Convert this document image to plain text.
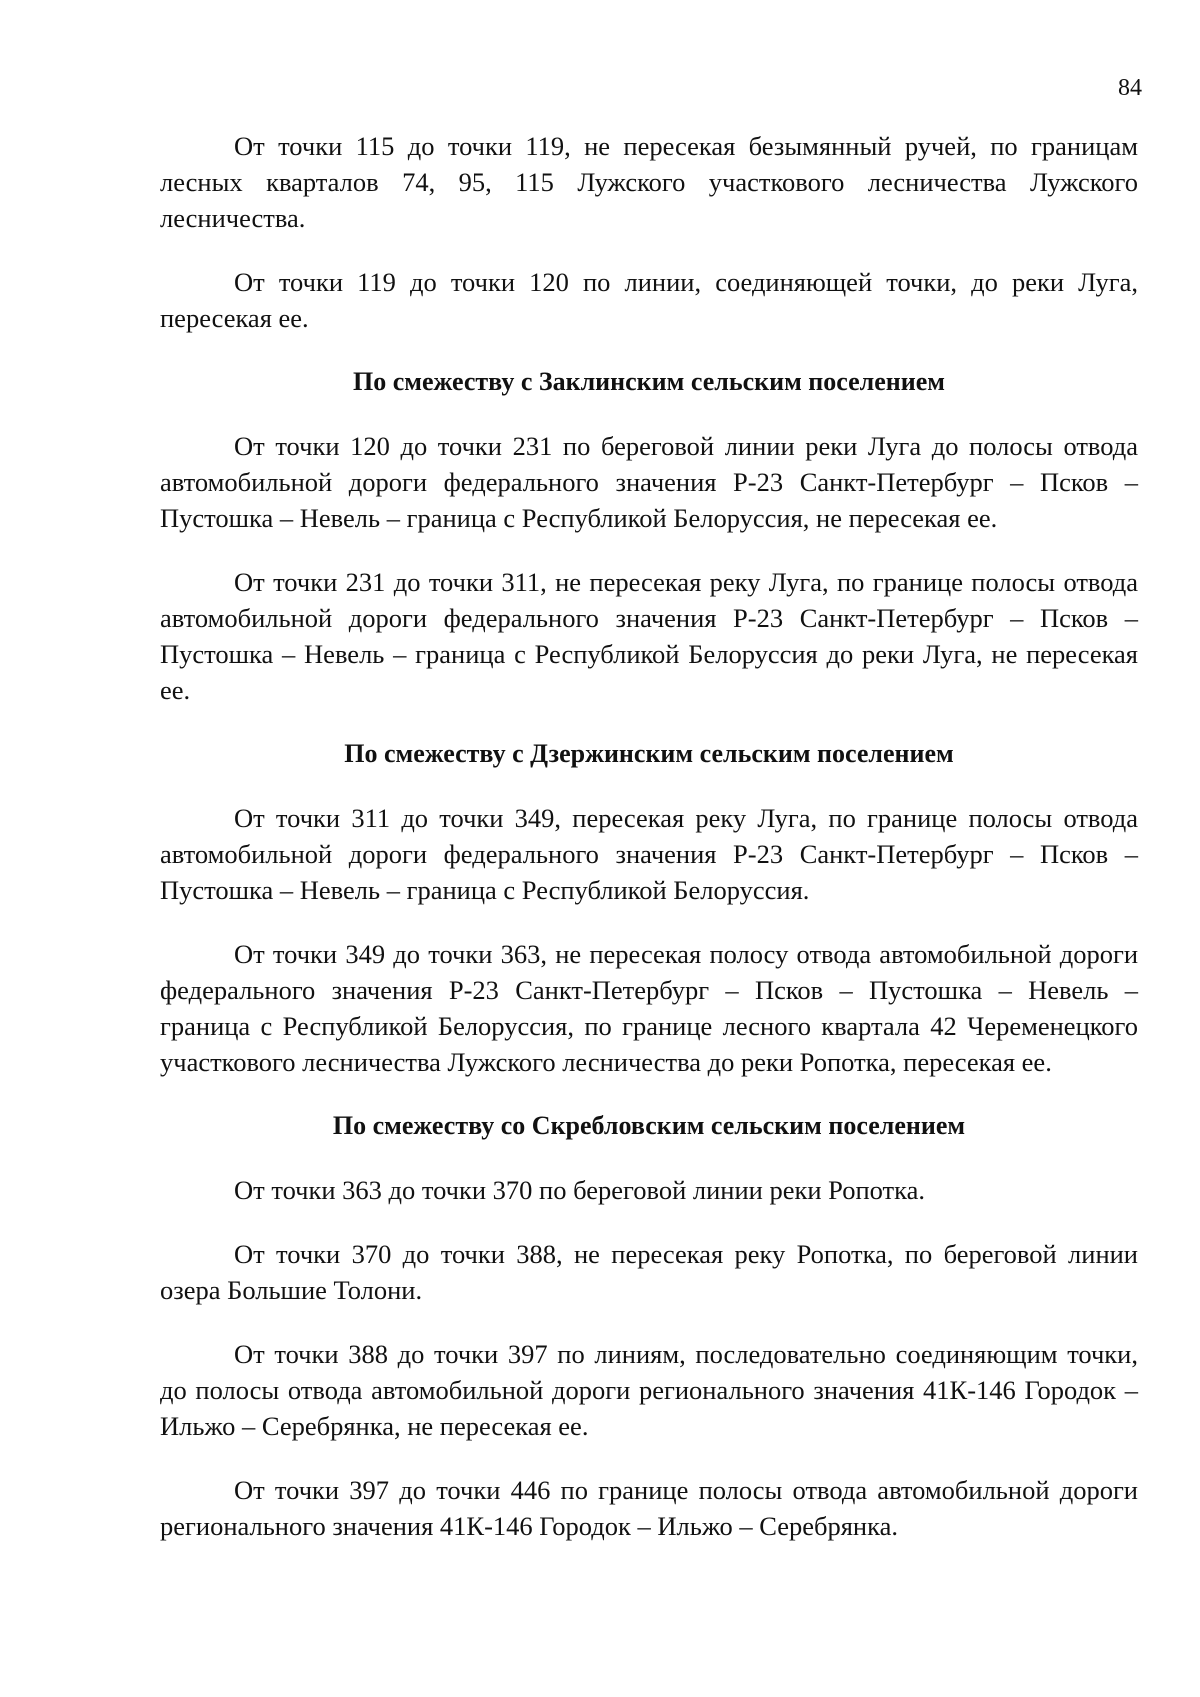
84

От точки 115 до точки 119, не пересекая безымянный ручей, по границам лесных кварталов 74, 95, 115 Лужского участкового лесничества Лужского лесничества.

От точки 119 до точки 120 по линии, соединяющей точки, до реки Луга, пересекая ее.

По смежеству с Заклинским сельским поселением

От точки 120 до точки 231 по береговой линии реки Луга до полосы отвода автомобильной дороги федерального значения Р-23 Санкт-Петербург – Псков – Пустошка – Невель – граница с Республикой Белоруссия, не пересекая ее.

От точки 231 до точки 311, не пересекая реку Луга, по границе полосы отвода автомобильной дороги федерального значения Р-23 Санкт-Петербург – Псков – Пустошка – Невель – граница с Республикой Белоруссия до реки Луга, не пересекая ее.

По смежеству с Дзержинским сельским поселением

От точки 311 до точки 349, пересекая реку Луга, по границе полосы отвода автомобильной дороги федерального значения Р-23 Санкт-Петербург – Псков – Пустошка – Невель – граница с Республикой Белоруссия.

От точки 349 до точки 363, не пересекая полосу отвода автомобильной дороги федерального значения Р-23 Санкт-Петербург – Псков – Пустошка – Невель – граница с Республикой Белоруссия, по границе лесного квартала 42 Черемeнецкого участкового лесничества Лужского лесничества до реки Ропотка, пересекая ее.

По смежеству со Скребловским сельским поселением

От точки 363 до точки 370 по береговой линии реки Ропотка.

От точки 370 до точки 388, не пересекая реку Ропотка, по береговой линии озера Большие Толони.

От точки 388 до точки 397 по линиям, последовательно соединяющим точки, до полосы отвода автомобильной дороги регионального значения 41К-146 Городок – Ильжо – Серебрянка, не пересекая ее.

От точки 397 до точки 446 по границе полосы отвода автомобильной дороги регионального значения 41К-146 Городок – Ильжо – Серебрянка.
